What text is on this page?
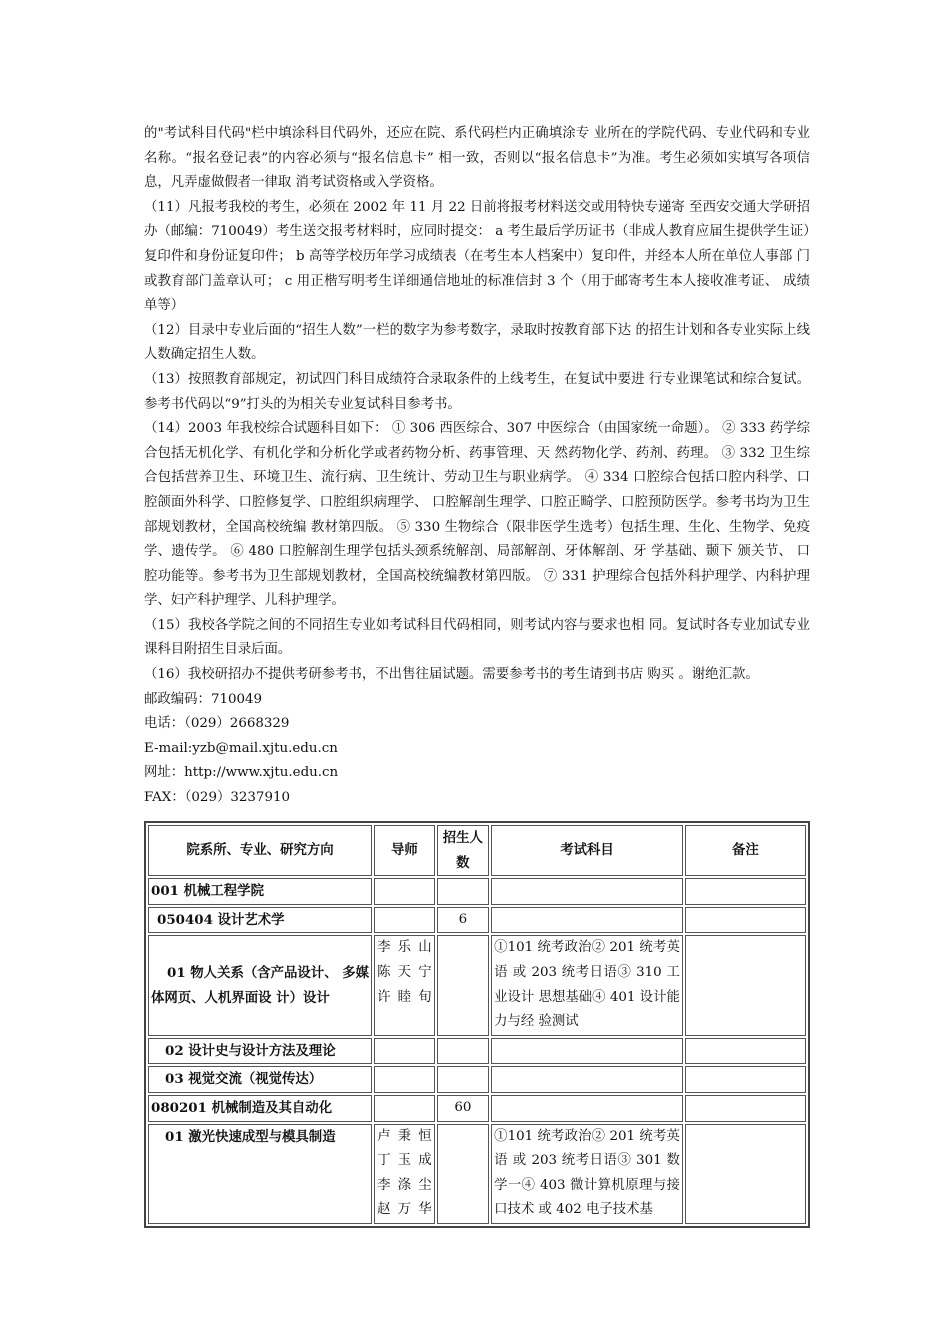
的"考试科目代码"栏中填涂科目代码外，还应在院、系代码栏内正确填涂专 业所在的学院代码、专业代码和专业名称。“报名登记表”的内容必须与“报名信息卡” 相一致，否则以“报名信息卡”为准。考生必须如实填写各项信息，凡弄虚做假者一律取 消考试资格或入学资格。

（11）凡报考我校的考生，必须在 2002 年 11 月 22 日前将报考材料送交或用特快专递寄 至西安交通大学研招办（邮编：710049）考生送交报考材料时，应同时提交： a 考生最后学历证书（非成人教育应届生提供学生证）复印件和身份证复印件； b 高等学校历年学习成绩表（在考生本人档案中）复印件，并经本人所在单位人事部 门或教育部门盖章认可； c 用正楷写明考生详细通信地址的标准信封 3 个（用于邮寄考生本人接收准考证、 成绩单等）

（12）目录中专业后面的“招生人数”一栏的数字为参考数字，录取时按教育部下达 的招生计划和各专业实际上线人数确定招生人数。

（13）按照教育部规定，初试四门科目成绩符合录取条件的上线考生，在复试中要进 行专业课笔试和综合复试。参考书代码以“9”打头的为相关专业复试科目参考书。

（14）2003 年我校综合试题科目如下： ① 306 西医综合、307 中医综合（由国家统一命题）。 ② 333 药学综合包括无机化学、有机化学和分析化学或者药物分析、药事管理、天 然药物化学、药剂、药理。 ③ 332 卫生综合包括营养卫生、环境卫生、流行病、卫生统计、劳动卫生与职业病学。 ④ 334 口腔综合包括口腔内科学、口腔颌面外科学、口腔修复学、口腔组织病理学、 口腔解剖生理学、口腔正畸学、口腔预防医学。参考书均为卫生部规划教材，全国高校统编 教材第四版。 ⑤ 330 生物综合（限非医学生选考）包括生理、生化、生物学、免疫学、遗传学。 ⑥ 480 口腔解剖生理学包括头颈系统解剖、局部解剖、牙体解剖、牙 学基础、颞下 颁关节、 口腔功能等。参考书为卫生部规划教材，全国高校统编教材第四版。 ⑦ 331 护理综合包括外科护理学、内科护理学、妇产科护理学、儿科护理学。

（15）我校各学院之间的不同招生专业如考试科目代码相同，则考试内容与要求也相 同。复试时各专业加试专业课科目附招生目录后面。

（16）我校研招办不提供考研参考书，不出售往届试题。需要参考书的考生请到书店 购买 。谢绝汇款。

邮政编码：710049

电话：（029）2668329

E-mail:yzb@mail.xjtu.edu.cn

网址：http://www.xjtu.edu.cn

FAX：（029）3237910

院系所、专业、研究方向	导师	招生人数	考试科目	备注
001 机械工程学院				
050404 设计艺术学		6		
01 物人关系（含产品设计、 多媒体网页、人机界面设 计）设计	李 乐 山 陈 天 宁 许睦旬		①101 统考政治② 201 统考英语 或 203 统考日语③ 310 工业设计 思想基础④ 401 设计能力与经 验测试	
02 设计史与设计方法及理论				
03 视觉交流（视觉传达）				
080201 机械制造及其自动化		60		
01 激光快速成型与模具制造	卢 秉 恒 丁 玉 成 李 涤 尘 赵 万 华		①101 统考政治② 201 统考英语 或 203 统考日语③ 301 数学一④ 403 微计算机原理与接口技术 或 402 电子技术基	
